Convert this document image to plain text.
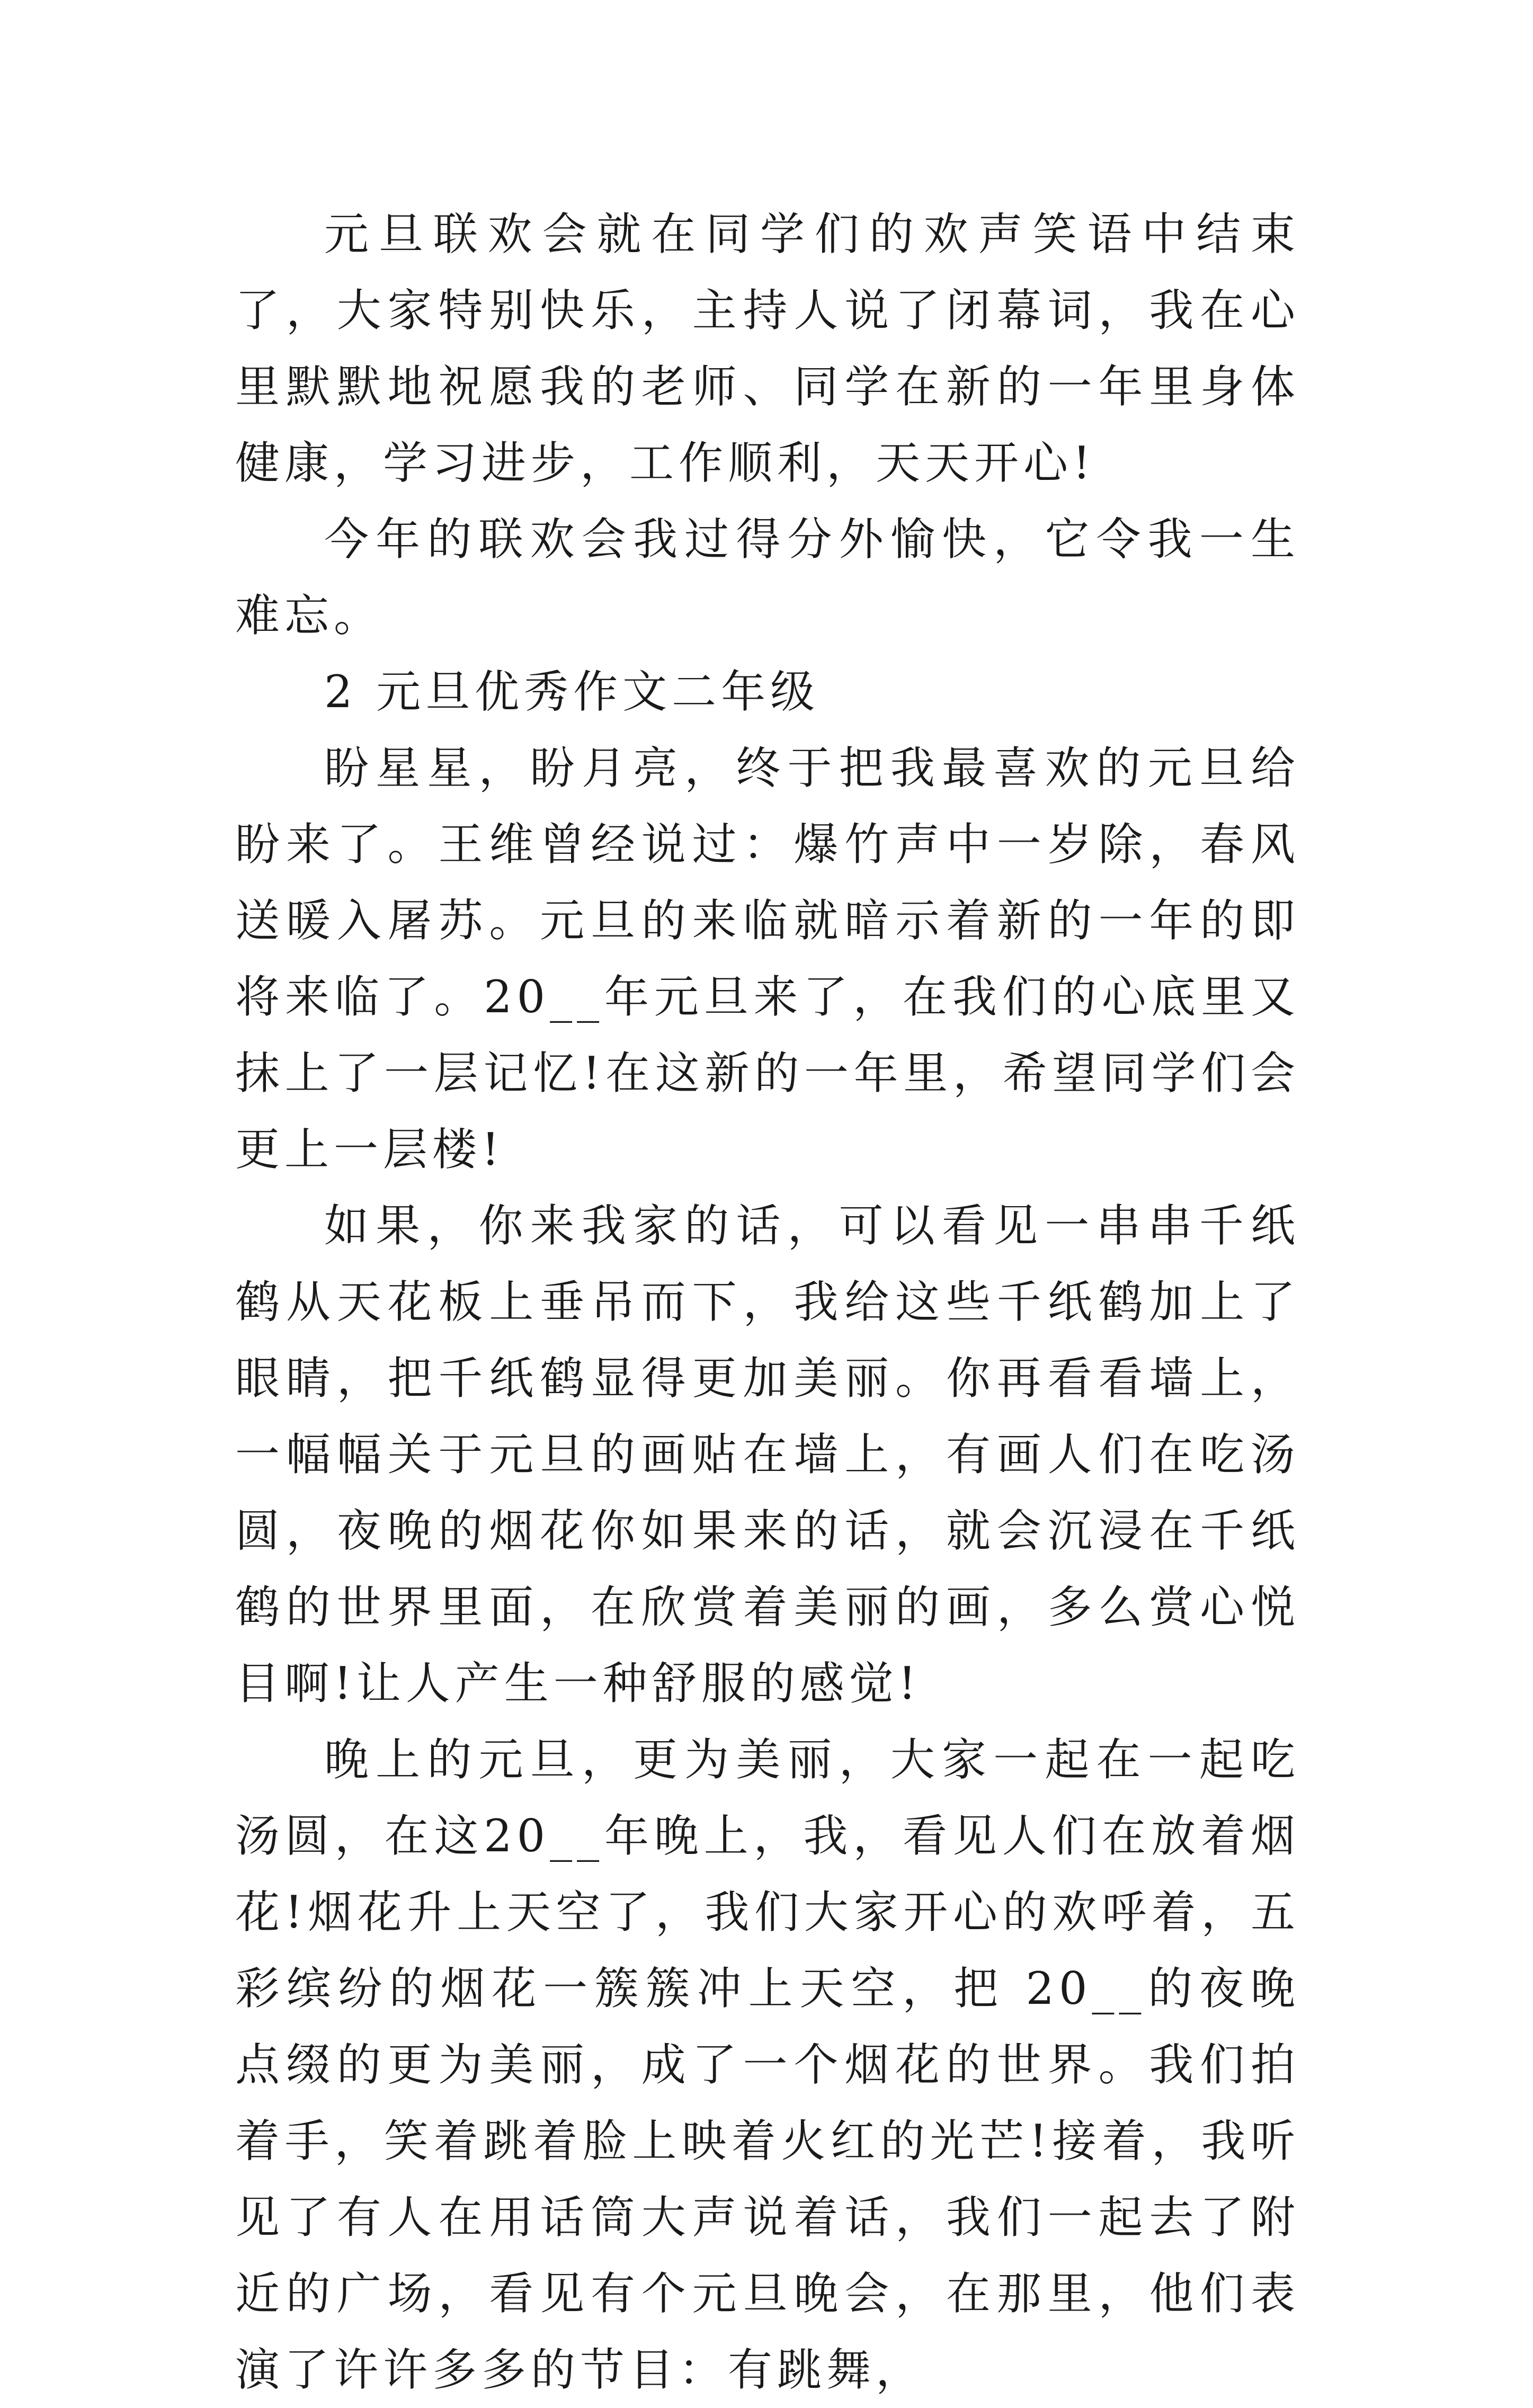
元旦联欢会就在同学们的欢声笑语中结束了，大家特别快乐，主持人说了闭幕词，我在心里默默地祝愿我的老师、同学在新的一年里身体健康，学习进步，工作顺利，天天开心!

今年的联欢会我过得分外愉快，它令我一生难忘。

2 元旦优秀作文二年级

盼星星，盼月亮，终于把我最喜欢的元旦给盼来了。王维曾经说过：爆竹声中一岁除，春风送暖入屠苏。元旦的来临就暗示着新的一年的即将来临了。20__年元旦来了，在我们的心底里又抹上了一层记忆!在这新的一年里，希望同学们会更上一层楼!

如果，你来我家的话，可以看见一串串千纸鹤从天花板上垂吊而下，我给这些千纸鹤加上了眼睛，把千纸鹤显得更加美丽。你再看看墙上，一幅幅关于元旦的画贴在墙上，有画人们在吃汤圆，夜晚的烟花你如果来的话，就会沉浸在千纸鹤的世界里面，在欣赏着美丽的画，多么赏心悦目啊!让人产生一种舒服的感觉!

晚上的元旦，更为美丽，大家一起在一起吃汤圆，在这20__年晚上，我，看见人们在放着烟花!烟花升上天空了，我们大家开心的欢呼着，五彩缤纷的烟花一簇簇冲上天空，把 20__的夜晚点缀的更为美丽，成了一个烟花的世界。我们拍着手，笑着跳着脸上映着火红的光芒!接着，我听见了有人在用话筒大声说着话，我们一起去了附近的广场，看见有个元旦晚会，在那里，他们表演了许许多多的节目：有跳舞，
